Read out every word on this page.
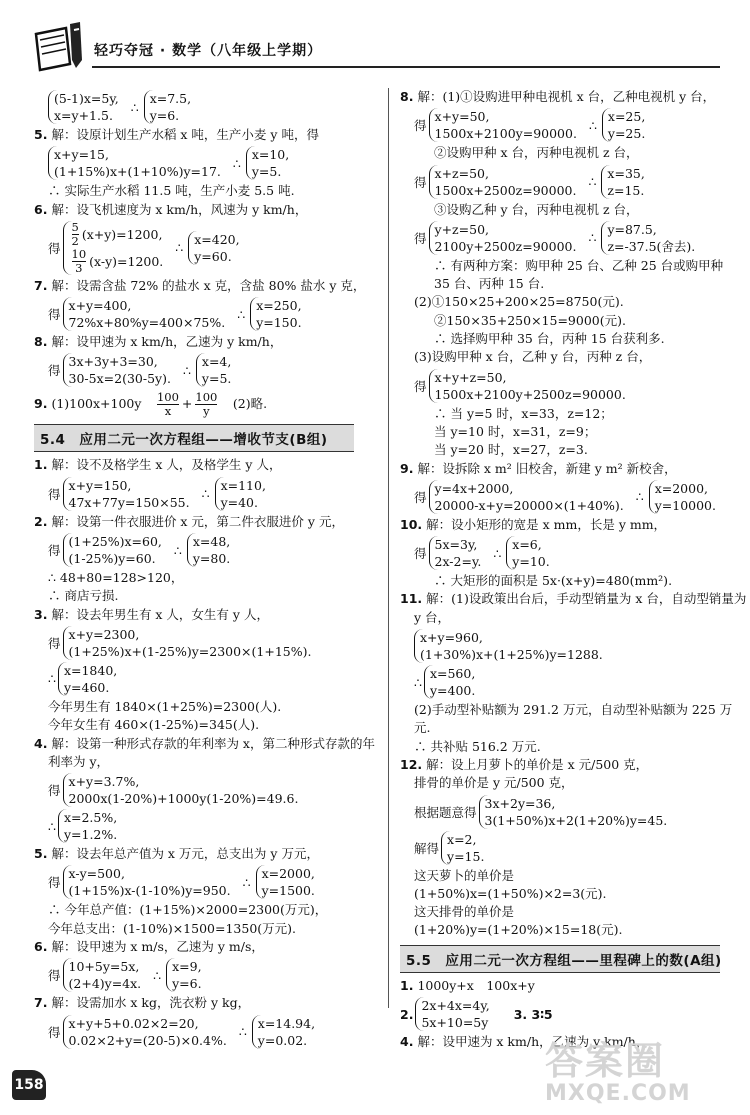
轻巧夺冠 · 数学（八年级上学期）
(5-1)x=5y,
x=y+1.5.
∴
x=7.5,
y=6.
5. 解：设原计划生产水稻 x 吨，生产小麦 y 吨，得
x+y=15,
(1+15%)x+(1+10%)y=17.
∴
x=10,
y=5.
∴ 实际生产水稻 11.5 吨，生产小麦 5.5 吨.
6. 解：设飞机速度为 x km/h，风速为 y km/h，
得
$\frac{5}{2} (x+y)=1200$,
$\frac{10}{3} (x-y)=1200$.
∴
x=420,
y=60.
7. 解：设需含盐 72% 的盐水 x 克，含盐 80% 盐水 y 克，
得
x+y=400,
72%x+80%y=400×75%.
∴
x=250,
y=150.
8. 解：设甲速为 x km/h，乙速为 y km/h，
得
3x+3y+3=30,
30-5x=2(30-5y).
∴
x=4,
y=5.
9. (1)100x+100y　 $\frac{100}{x} + \frac{100}{y}$
　 (2)略.
5.4　应用二元一次方程组——增收节支(B组)
1. 解：设不及格学生 x 人，及格学生 y 人，
得
x+y=150,
47x+77y=150×55.
∴
x=110,
y=40.
2. 解：设第一件衣服进价 x 元，第二件衣服进价 y 元，
得
(1+25%)x=60,
(1-25%)y=60.
∴
x=48,
y=80.
∴ 48+80=128>120，
∴ 商店亏损.
3. 解：设去年男生有 x 人，女生有 y 人，
得
x+y=2300,
(1+25%)x+(1-25%)y=2300×(1+15%).
∴
x=1840,
y=460.
今年男生有 1840×(1+25%)=2300(人).
今年女生有 460×(1-25%)=345(人).
4. 解：设第一种形式存款的年利率为 x，第二种形式存款的年
利率为 y，
得
x+y=3.7%,
2000x(1-20%)+1000y(1-20%)=49.6.
∴
x=2.5%,
y=1.2%.
5. 解：设去年总产值为 x 万元，总支出为 y 万元，
得
x-y=500,
(1+15%)x-(1-10%)y=950.
∴
x=2000,
y=1500.
∴ 今年总产值：(1+15%)×2000=2300(万元)，
今年总支出：(1-10%)×1500=1350(万元).
6. 解：设甲速为 x m/s，乙速为 y m/s，
得
10+5y=5x,
(2+4)y=4x.
∴
x=9,
y=6.
7. 解：设需加水 x kg，洗衣粉 y kg，
得
x+y+5+0.02×2=20,
0.02×2+y=(20-5)×0.4%.
∴
x=14.94,
y=0.02.
8. 解：(1)①设购进甲种电视机 x 台，乙种电视机 y 台，
得
x+y=50,
1500x+2100y=90000.
∴
x=25,
y=25.
②设购甲种 x 台，丙种电视机 z 台，
得
x+z=50,
1500x+2500z=90000.
∴
x=35,
z=15.
③设购乙种 y 台，丙种电视机 z 台，
得
y+z=50,
2100y+2500z=90000.
∴
y=87.5,
z=-37.5(舍去).
∴ 有两种方案：购甲种 25 台、乙种 25 台或购甲种
35 台、丙种 15 台.
(2)①150×25+200×25=8750(元).
②150×35+250×15=9000(元).
∴ 选择购甲种 35 台，丙种 15 台获利多.
(3)设购甲种 x 台，乙种 y 台，丙种 z 台，
得
x+y+z=50,
1500x+2100y+2500z=90000.
∴ 当 y=5 时，x=33，z=12；
当 y=10 时，x=31，z=9；
当 y=20 时，x=27，z=3.
9. 解：设拆除 x m² 旧校舍，新建 y m² 新校舍，
得
y=4x+2000,
20000-x+y=20000×(1+40%).
∴
x=2000,
y=10000.
10. 解：设小矩形的宽是 x mm，长是 y mm，
得
5x=3y,
2x-2=y.
∴
x=6,
y=10.
∴ 大矩形的面积是 5x·(x+y)=480(mm²).
11. 解：(1)设政策出台后，手动型销量为 x 台，自动型销量为
y 台，
x+y=960,
(1+30%)x+(1+25%)y=1288.
∴
x=560,
y=400.
(2)手动型补贴额为 291.2 万元，自动型补贴额为 225 万
元.
∴ 共补贴 516.2 万元.
12. 解：设上月萝卜的单价是 x 元/500 克，
排骨的单价是 y 元/500 克，
根据题意得
3x+2y=36,
3(1+50%)x+2(1+20%)y=45.
解得
x=2,
y=15.
这天萝卜的单价是
(1+50%)x=(1+50%)×2=3(元).
这天排骨的单价是
(1+20%)y=(1+20%)×15=18(元).
5.5　应用二元一次方程组——里程碑上的数(A组)
1. 1000y+x　100x+y
2.
2x+4x=4y,
5x+10=5y
3. 3∶5
4. 解：设甲速为 x km/h，乙速为 y km/h，
158
答案圈
MXQE.COM
